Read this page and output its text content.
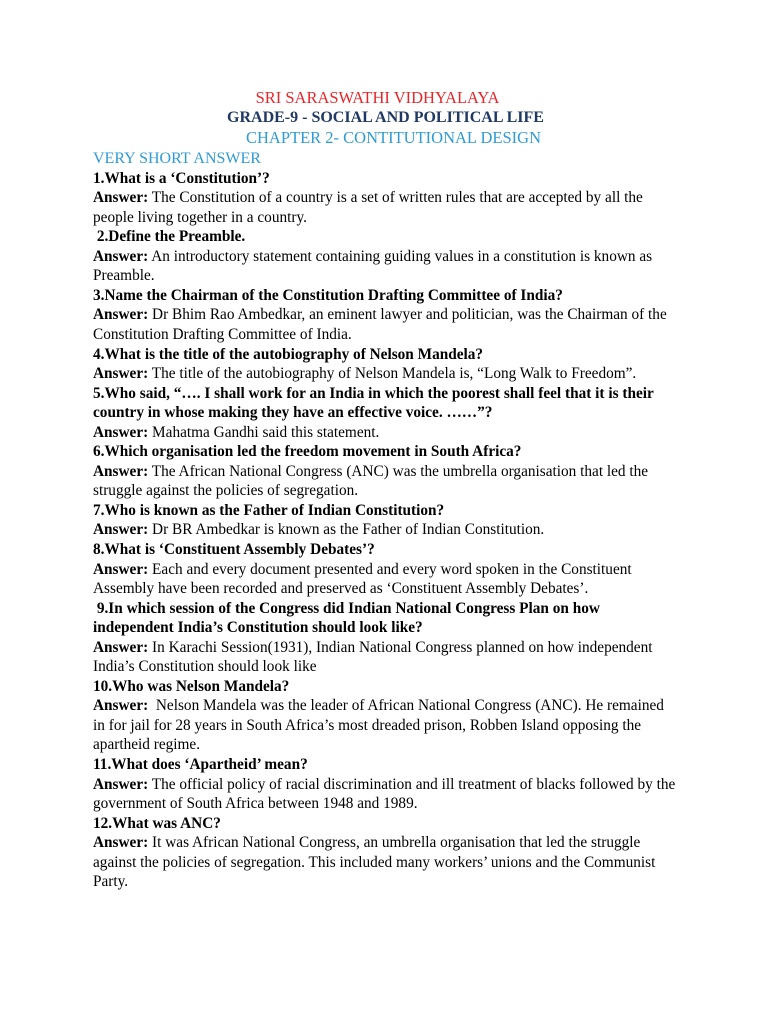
SRI SARASWATHI VIDHYALAYA
GRADE-9 - SOCIAL AND POLITICAL LIFE
CHAPTER 2- CONTITUTIONAL DESIGN
VERY SHORT ANSWER

1.What is a ‘Constitution’?

Answer: The Constitution of a country is a set of written rules that are accepted by all the people living together in a country.

2.Define the Preamble.

Answer: An introductory statement containing guiding values in a constitution is known as Preamble.

3.Name the Chairman of the Constitution Drafting Committee of India?

Answer: Dr Bhim Rao Ambedkar, an eminent lawyer and politician, was the Chairman of the Constitution Drafting Committee of India.

4.What is the title of the autobiography of Nelson Mandela?

Answer: The title of the autobiography of Nelson Mandela is, “Long Walk to Freedom”.

5.Who said, “…. I shall work for an India in which the poorest shall feel that it is their country in whose making they have an effective voice. ……”?

Answer: Mahatma Gandhi said this statement.

6.Which organisation led the freedom movement in South Africa?

Answer: The African National Congress (ANC) was the umbrella organisation that led the struggle against the policies of segregation.

7.Who is known as the Father of Indian Constitution?

Answer: Dr BR Ambedkar is known as the Father of Indian Constitution.

8.What is ‘Constituent Assembly Debates’?

Answer: Each and every document presented and every word spoken in the Constituent Assembly have been recorded and preserved as ‘Constituent Assembly Debates’.

9.In which session of the Congress did Indian National Congress Plan on how independent India’s Constitution should look like?

Answer: In Karachi Session(1931), Indian National Congress planned on how independent India’s Constitution should look like

10.Who was Nelson Mandela?

Answer:  Nelson Mandela was the leader of African National Congress (ANC). He remained in for jail for 28 years in South Africa’s most dreaded prison, Robben Island opposing the apartheid regime.

11.What does ‘Apartheid’ mean?

Answer: The official policy of racial discrimination and ill treatment of blacks followed by the government of South Africa between 1948 and 1989.

12.What was ANC?

Answer: It was African National Congress, an umbrella organisation that led the struggle against the policies of segregation. This included many workers’ unions and the Communist Party.
